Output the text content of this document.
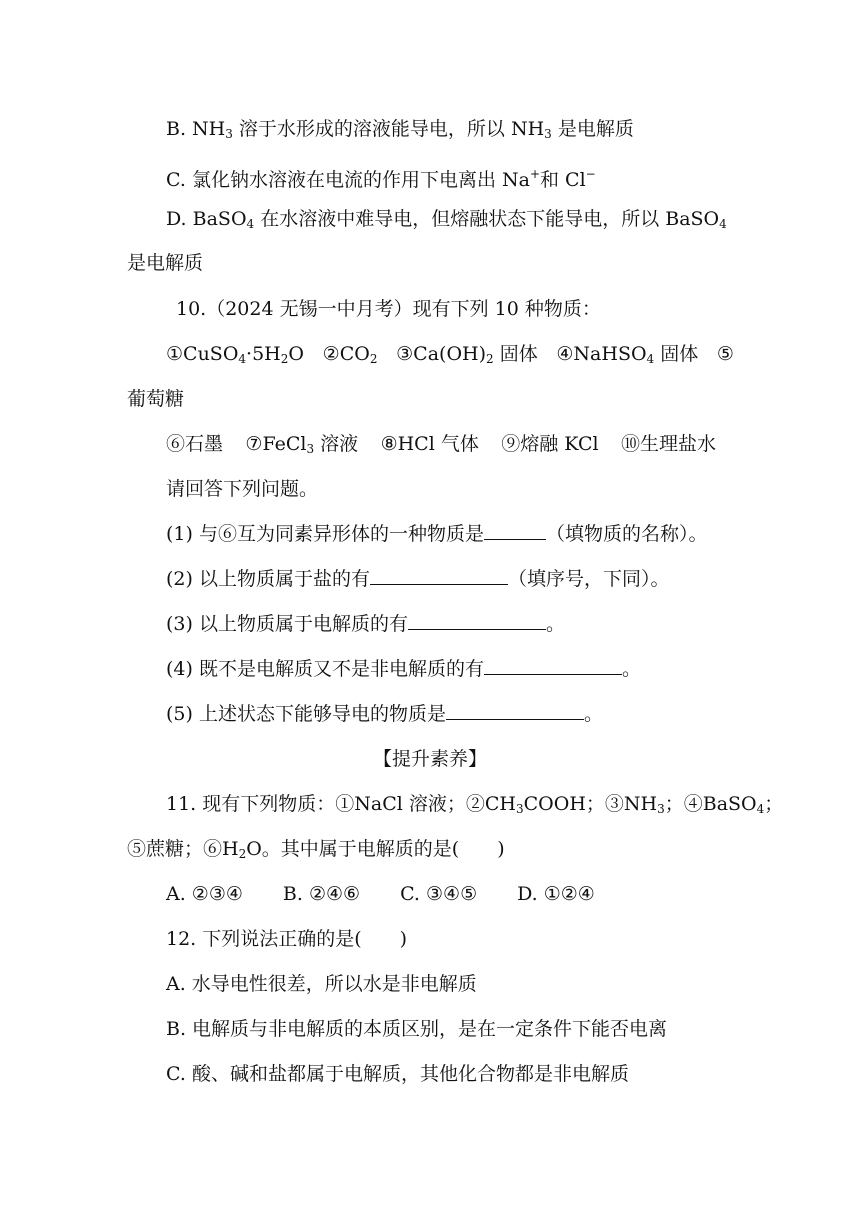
B. $NH_3$ 溶于水形成的溶液能导电，所以 $NH_3$ 是电解质
C. 氯化钠水溶液在电流的作用下电离出 Na+和 Cl−
D. BaSO$_4$ 在水溶液中难导电，但熔融状态下能导电，所以 BaSO$_4$
是电解质
10.（2024 无锡一中月考）现有下列 10 种物质：
$①CuSO_4\cdot 5H_2O$ $②CO_2$ $③Ca(OH)_2$ 固体 ④NaHSO$_4$ 固体 ⑤
葡萄糖
⑥石墨 ⑦FeCl$_3$ 溶液 ⑧HCl 气体 ⑨熔融 KCl ⑩生理盐水
请回答下列问题。
(1) 与⑥互为同素异形体的一种物质是	（填物质的名称）。
(2) 以上物质属于盐的有	（填序号，下同）。
(3) 以上物质属于电解质的有	。
(4) 既不是电解质又不是非电解质的有	。
(5) 上述状态下能够导电的物质是	。
【提升素养】
11. 现有下列物质：①NaCl 溶液；$②CH_3COOH$；$③NH_3$；④BaSO$_4$；
⑤蔗糖；$⑥H_2O$。其中属于电解质的是(　　)
A. ②③④ B. ②④⑥ C. ③④⑤ D. ①②④
12. 下列说法正确的是(　　)
A. 水导电性很差，所以水是非电解质
B. 电解质与非电解质的本质区别，是在一定条件下能否电离
C. 酸、碱和盐都属于电解质，其他化合物都是非电解质
